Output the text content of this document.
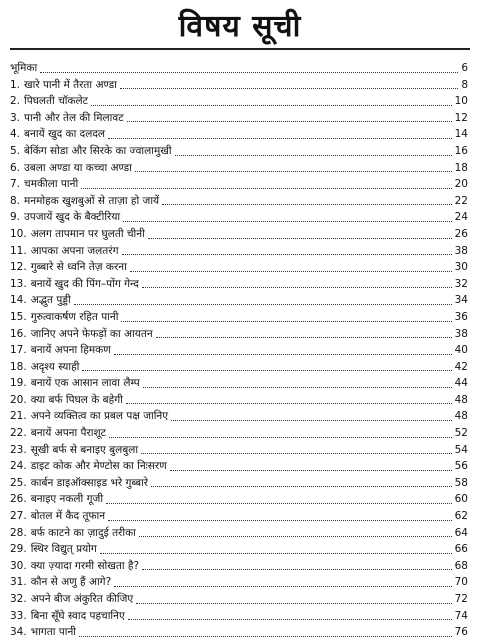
विषय सूची
भूमिका	6
1. खारे पानी में तैरता अण्डा	8
2. पिघलती चॉकलेट	10
3. पानी और तेल की मिलावट	12
4. बनायें खुद का दलदल	14
5. बेकिंग सोडा और सिरके का ज्वालामुखी	16
6. उबला अण्डा या कच्चा अण्डा	18
7. चमकीला पानी	20
8. मनमोहक खुशबुओं से ताज़ा हो जायें	22
9. उपजायें खुद के बैक्टीरिया	24
10. अलग तापमान पर घुलती चीनी	26
11. आपका अपना जलतरंग	38
12. गुब्बारे से ध्वनि तेज़ करना	30
13. बनायें खुद की पिंग–पोंग गेन्द	32
14. अद्भुत पुड्डी	34
15. गुरुत्वाकर्षण रहित पानी	36
16. जानिए अपने फेफड़ों का आयतन	38
17. बनायें अपना हिमकण	40
18. अदृश्य स्याही	42
19. बनायें एक आसान लावा लैम्प	44
20. क्या बर्फ पिघल के बहेगी	48
21. अपने व्यक्तित्व का प्रबल पक्ष जानिए	48
22. बनायें अपना पैराशूट	52
23. सूखी बर्फ से बनाइए बुलबुला	54
24. डाइट कोक और मेण्टोस का निःसरण	56
25. कार्बन डाइऑक्साइड भरे गुब्बारे	58
26. बनाइए नकली गूजी	60
27. बोतल में कैद तूफान	62
28. बर्फ काटने का ज़ादुई तरीका	64
29. स्थिर विद्युत् प्रयोग	66
30. क्या ज़्यादा गरमी सोखता है?	68
31. कौन से अणु हैं आगे?	70
32. अपने बीज अंकुरित कीजिए	72
33. बिना सूँघे स्वाद पहचानिए	74
34. भागता पानी	76
